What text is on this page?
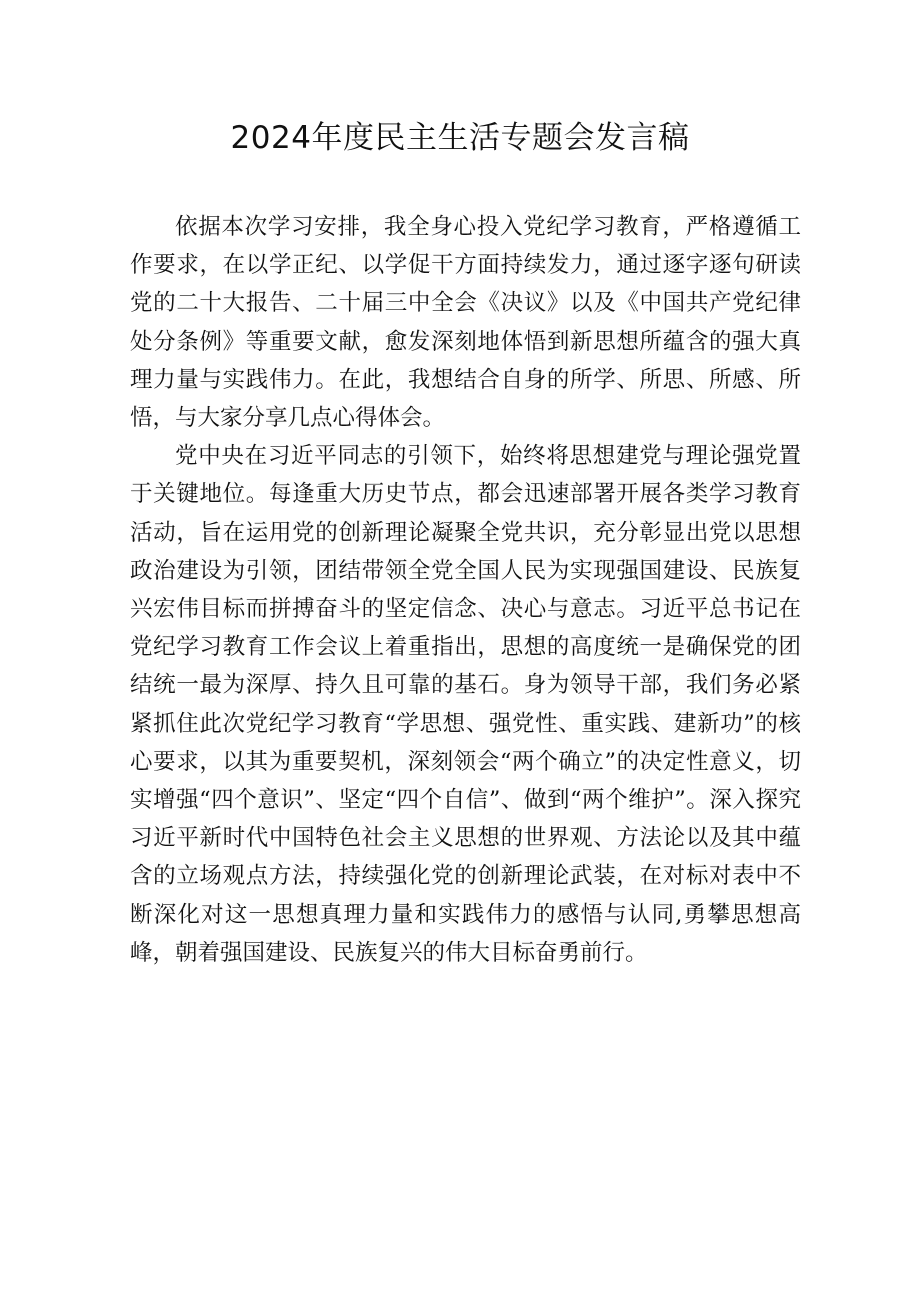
2024年度民主生活专题会发言稿

依据本次学习安排，我全身心投入党纪学习教育，严格遵循工作要求，在以学正纪、以学促干方面持续发力，通过逐字逐句研读党的二十大报告、二十届三中全会《决议》以及《中国共产党纪律处分条例》等重要文献，愈发深刻地体悟到新思想所蕴含的强大真理力量与实践伟力。在此，我想结合自身的所学、所思、所感、所悟，与大家分享几点心得体会。

党中央在习近平同志的引领下，始终将思想建党与理论强党置于关键地位。每逢重大历史节点，都会迅速部署开展各类学习教育活动，旨在运用党的创新理论凝聚全党共识，充分彰显出党以思想政治建设为引领，团结带领全党全国人民为实现强国建设、民族复兴宏伟目标而拼搏奋斗的坚定信念、决心与意志。习近平总书记在党纪学习教育工作会议上着重指出，思想的高度统一是确保党的团结统一最为深厚、持久且可靠的基石。身为领导干部，我们务必紧紧抓住此次党纪学习教育“学思想、强党性、重实践、建新功”的核心要求，以其为重要契机，深刻领会“两个确立”的决定性意义，切实增强“四个意识”、坚定“四个自信”、做到“两个维护”。深入探究习近平新时代中国特色社会主义思想的世界观、方法论以及其中蕴含的立场观点方法，持续强化党的创新理论武装，在对标对表中不断深化对这一思想真理力量和实践伟力的感悟与认同,勇攀思想高峰，朝着强国建设、民族复兴的伟大目标奋勇前行。
